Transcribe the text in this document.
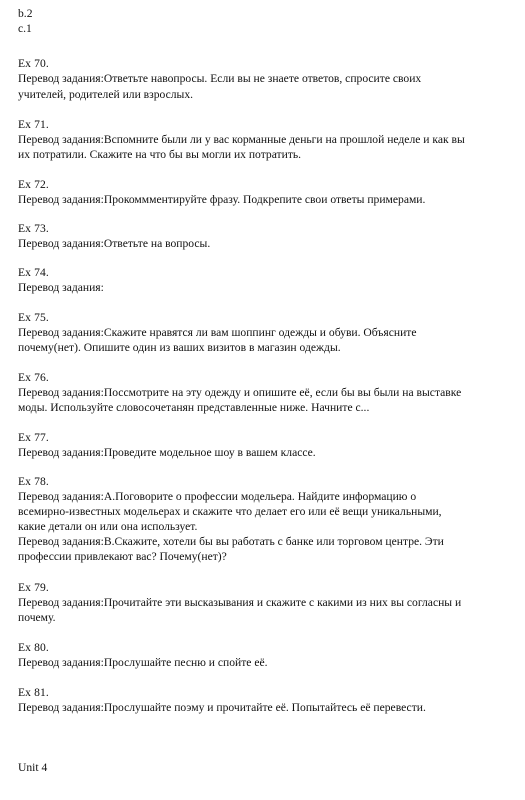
b.2
c.1
Ex 70.
Перевод задания:Ответьте навопросы. Если вы не знаете ответов, спросите своих
учителей, родителей или взрослых.
Ex 71.
Перевод задания:Вспомните были ли у вас корманные деньги на прошлой неделе и как вы
их потратили. Скажите на что бы вы могли их потратить.
Ex 72.
Перевод задания:Прокоммментируйте фразу. Подкрепите свои ответы примерами.
Ex 73.
Перевод задания:Ответьте на вопросы.
Ex 74.
Перевод задания:
Ex 75.
Перевод задания:Скажите нравятся ли вам шоппинг одежды и обуви. Объясните
почему(нет). Опишите один из ваших визитов в магазин одежды.
Ex 76.
Перевод задания:Поссмотрите на эту одежду и опишите её, если бы вы были на выставке
моды. Используйте словосочетанян представленные ниже. Начните с...
Ex 77.
Перевод задания:Проведите модельное шоу в вашем классе.
Ex 78.
Перевод задания:А.Поговорите о профессии модельера. Найдите информацию о
всемирно-известных модельерах и скажите что делает его или её вещи уникальными,
какие детали он или она использует.
Перевод задания:В.Скажите, хотели бы вы работать с банке или торговом центре. Эти
профессии привлекают вас? Почему(нет)?
Ex 79.
Перевод задания:Прочитайте эти высказывания и скажите с какими из них вы согласны и
почему.
Ex 80.
Перевод задания:Прослушайте песню и спойте её.
Ex 81.
Перевод задания:Прослушайте поэму и прочитайте её. Попытайтесь её перевести.
Unit 4
